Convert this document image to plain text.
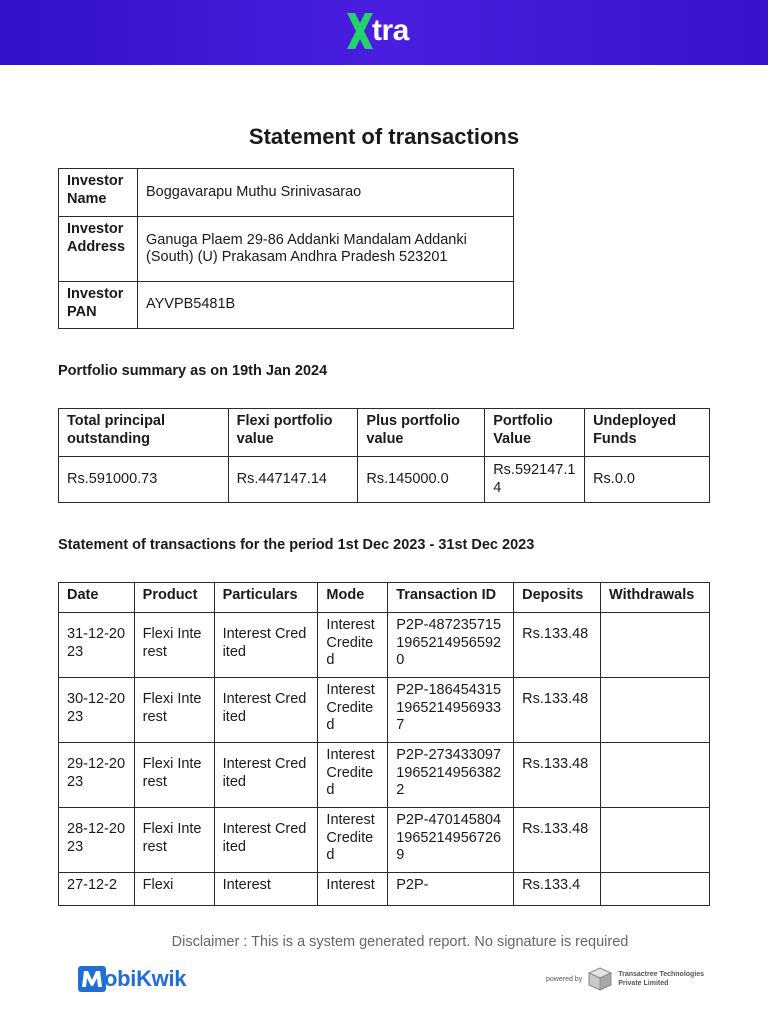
tra
Statement of transactions
Investor Name	Boggavarapu Muthu Srinivasarao
Investor Address	Ganuga Plaem 29-86 Addanki Mandalam Addanki (South) (U) Prakasam Andhra Pradesh 523201
Investor PAN	AYVPB5481B
Portfolio summary as on 19th Jan 2024
Total principal outstanding	Flexi portfolio value	Plus portfolio value	Portfolio Value	Undeployed Funds
Rs.591000.73	Rs.447147.14	Rs.145000.0	Rs.592147.14	Rs.0.0
Statement of transactions for the period 1st Dec 2023 - 31st Dec 2023
Date	Product	Particulars	Mode	Transaction ID	Deposits	Withdrawals
31-12-2023	Flexi Interest	Interest Credited	Interest Credited	P2P-48723571519652149565920	Rs.133.48	
30-12-2023	Flexi Interest	Interest Credited	Interest Credited	P2P-18645431519652149569337	Rs.133.48	
29-12-2023	Flexi Interest	Interest Credited	Interest Credited	P2P-27343309719652149563822	Rs.133.48	
28-12-2023	Flexi Interest	Interest Credited	Interest Credited	P2P-47014580419652149567269	Rs.133.48	
27-12-2	Flexi	Interest	Interest	P2P-	Rs.133.4	
Disclaimer : This is a system generated report. No signature is required
obiKwik	powered by
Transactree Technologies Private Limited
